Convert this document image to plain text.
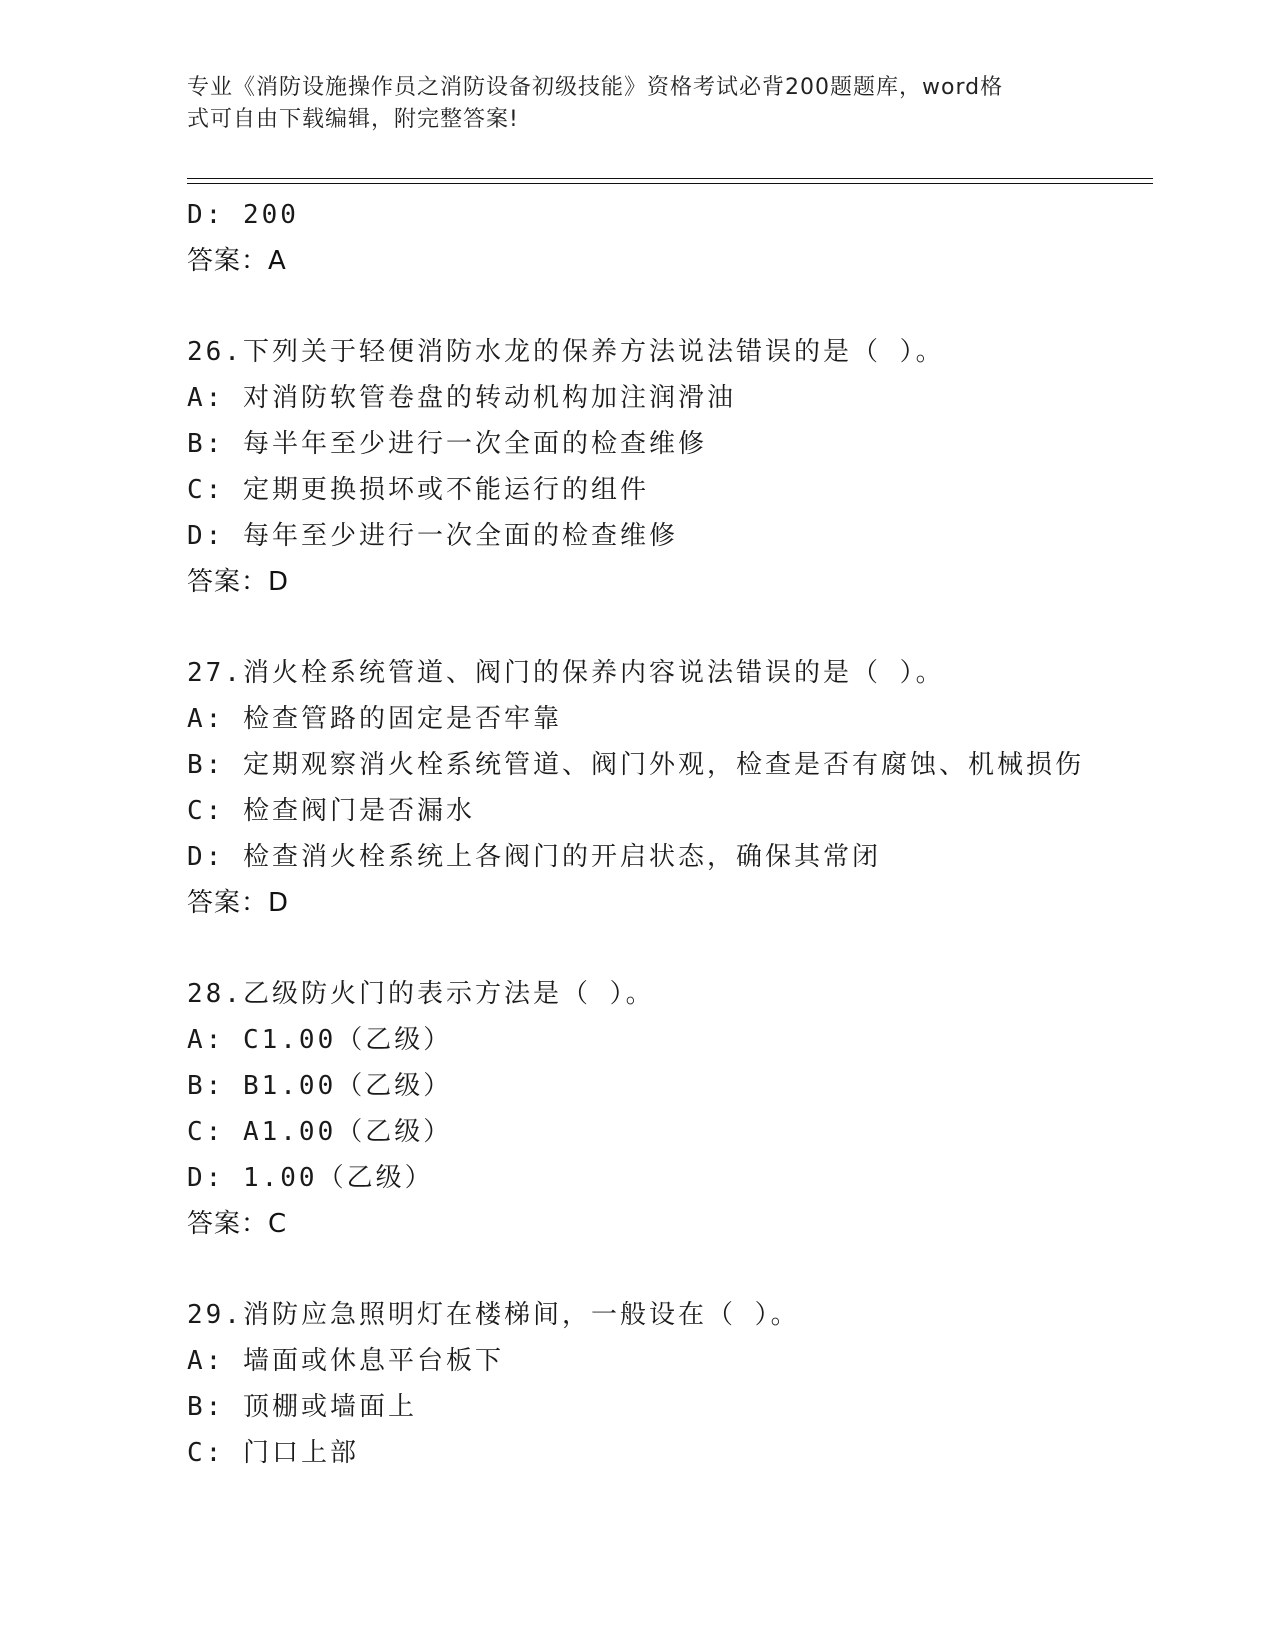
专业《消防设施操作员之消防设备初级技能》资格考试必背200题题库，word格
式可自由下载编辑，附完整答案!
D: 200
答案：A
26.下列关于轻便消防水龙的保养方法说法错误的是（ ）。
A: 对消防软管卷盘的转动机构加注润滑油
B: 每半年至少进行一次全面的检查维修
C: 定期更换损坏或不能运行的组件
D: 每年至少进行一次全面的检查维修
答案：D
27.消火栓系统管道、阀门的保养内容说法错误的是（ ）。
A: 检查管路的固定是否牢靠
B: 定期观察消火栓系统管道、阀门外观，检查是否有腐蚀、机械损伤
C: 检查阀门是否漏水
D: 检查消火栓系统上各阀门的开启状态，确保其常闭
答案：D
28.乙级防火门的表示方法是（ ）。
A: C1.00（乙级）
B: B1.00（乙级）
C: A1.00（乙级）
D: 1.00（乙级）
答案：C
29.消防应急照明灯在楼梯间，一般设在（ ）。
A: 墙面或休息平台板下
B: 顶棚或墙面上
C: 门口上部
